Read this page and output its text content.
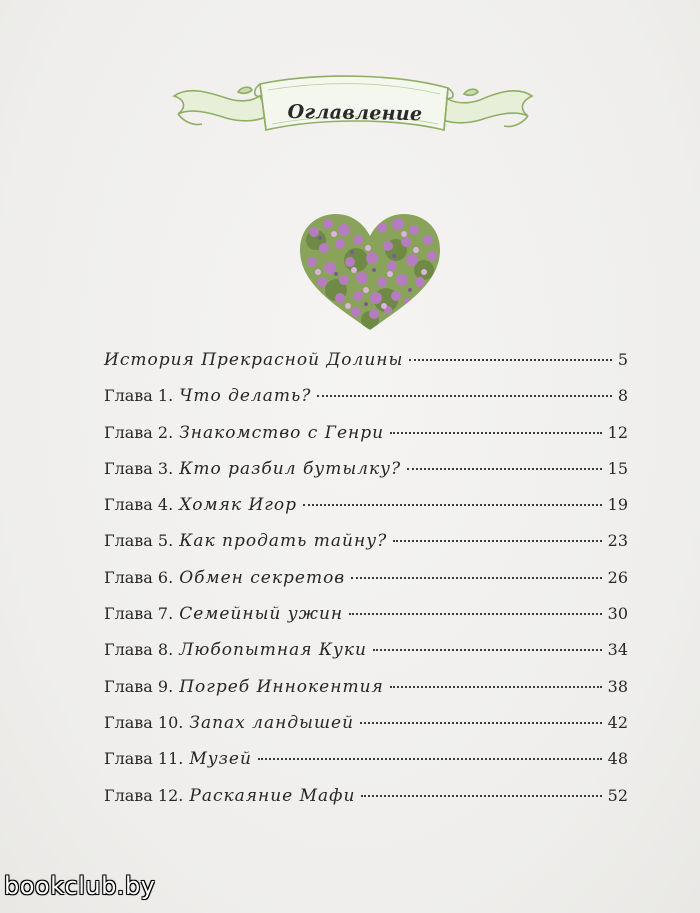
Оглавление
История Прекрасной Долины	5
Глава 1. Что делать?	8
Глава 2. Знакомство с Генри	12
Глава 3. Кто разбил бутылку?	15
Глава 4. Хомяк Игор	19
Глава 5. Как продать тайну?	23
Глава 6. Обмен секретов	26
Глава 7. Семейный ужин	30
Глава 8. Любопытная Куки	34
Глава 9. Погреб Иннокентия	38
Глава 10. Запах ландышей	42
Глава 11. Музей	48
Глава 12. Раскаяние Мафи	52
bookclub.by
